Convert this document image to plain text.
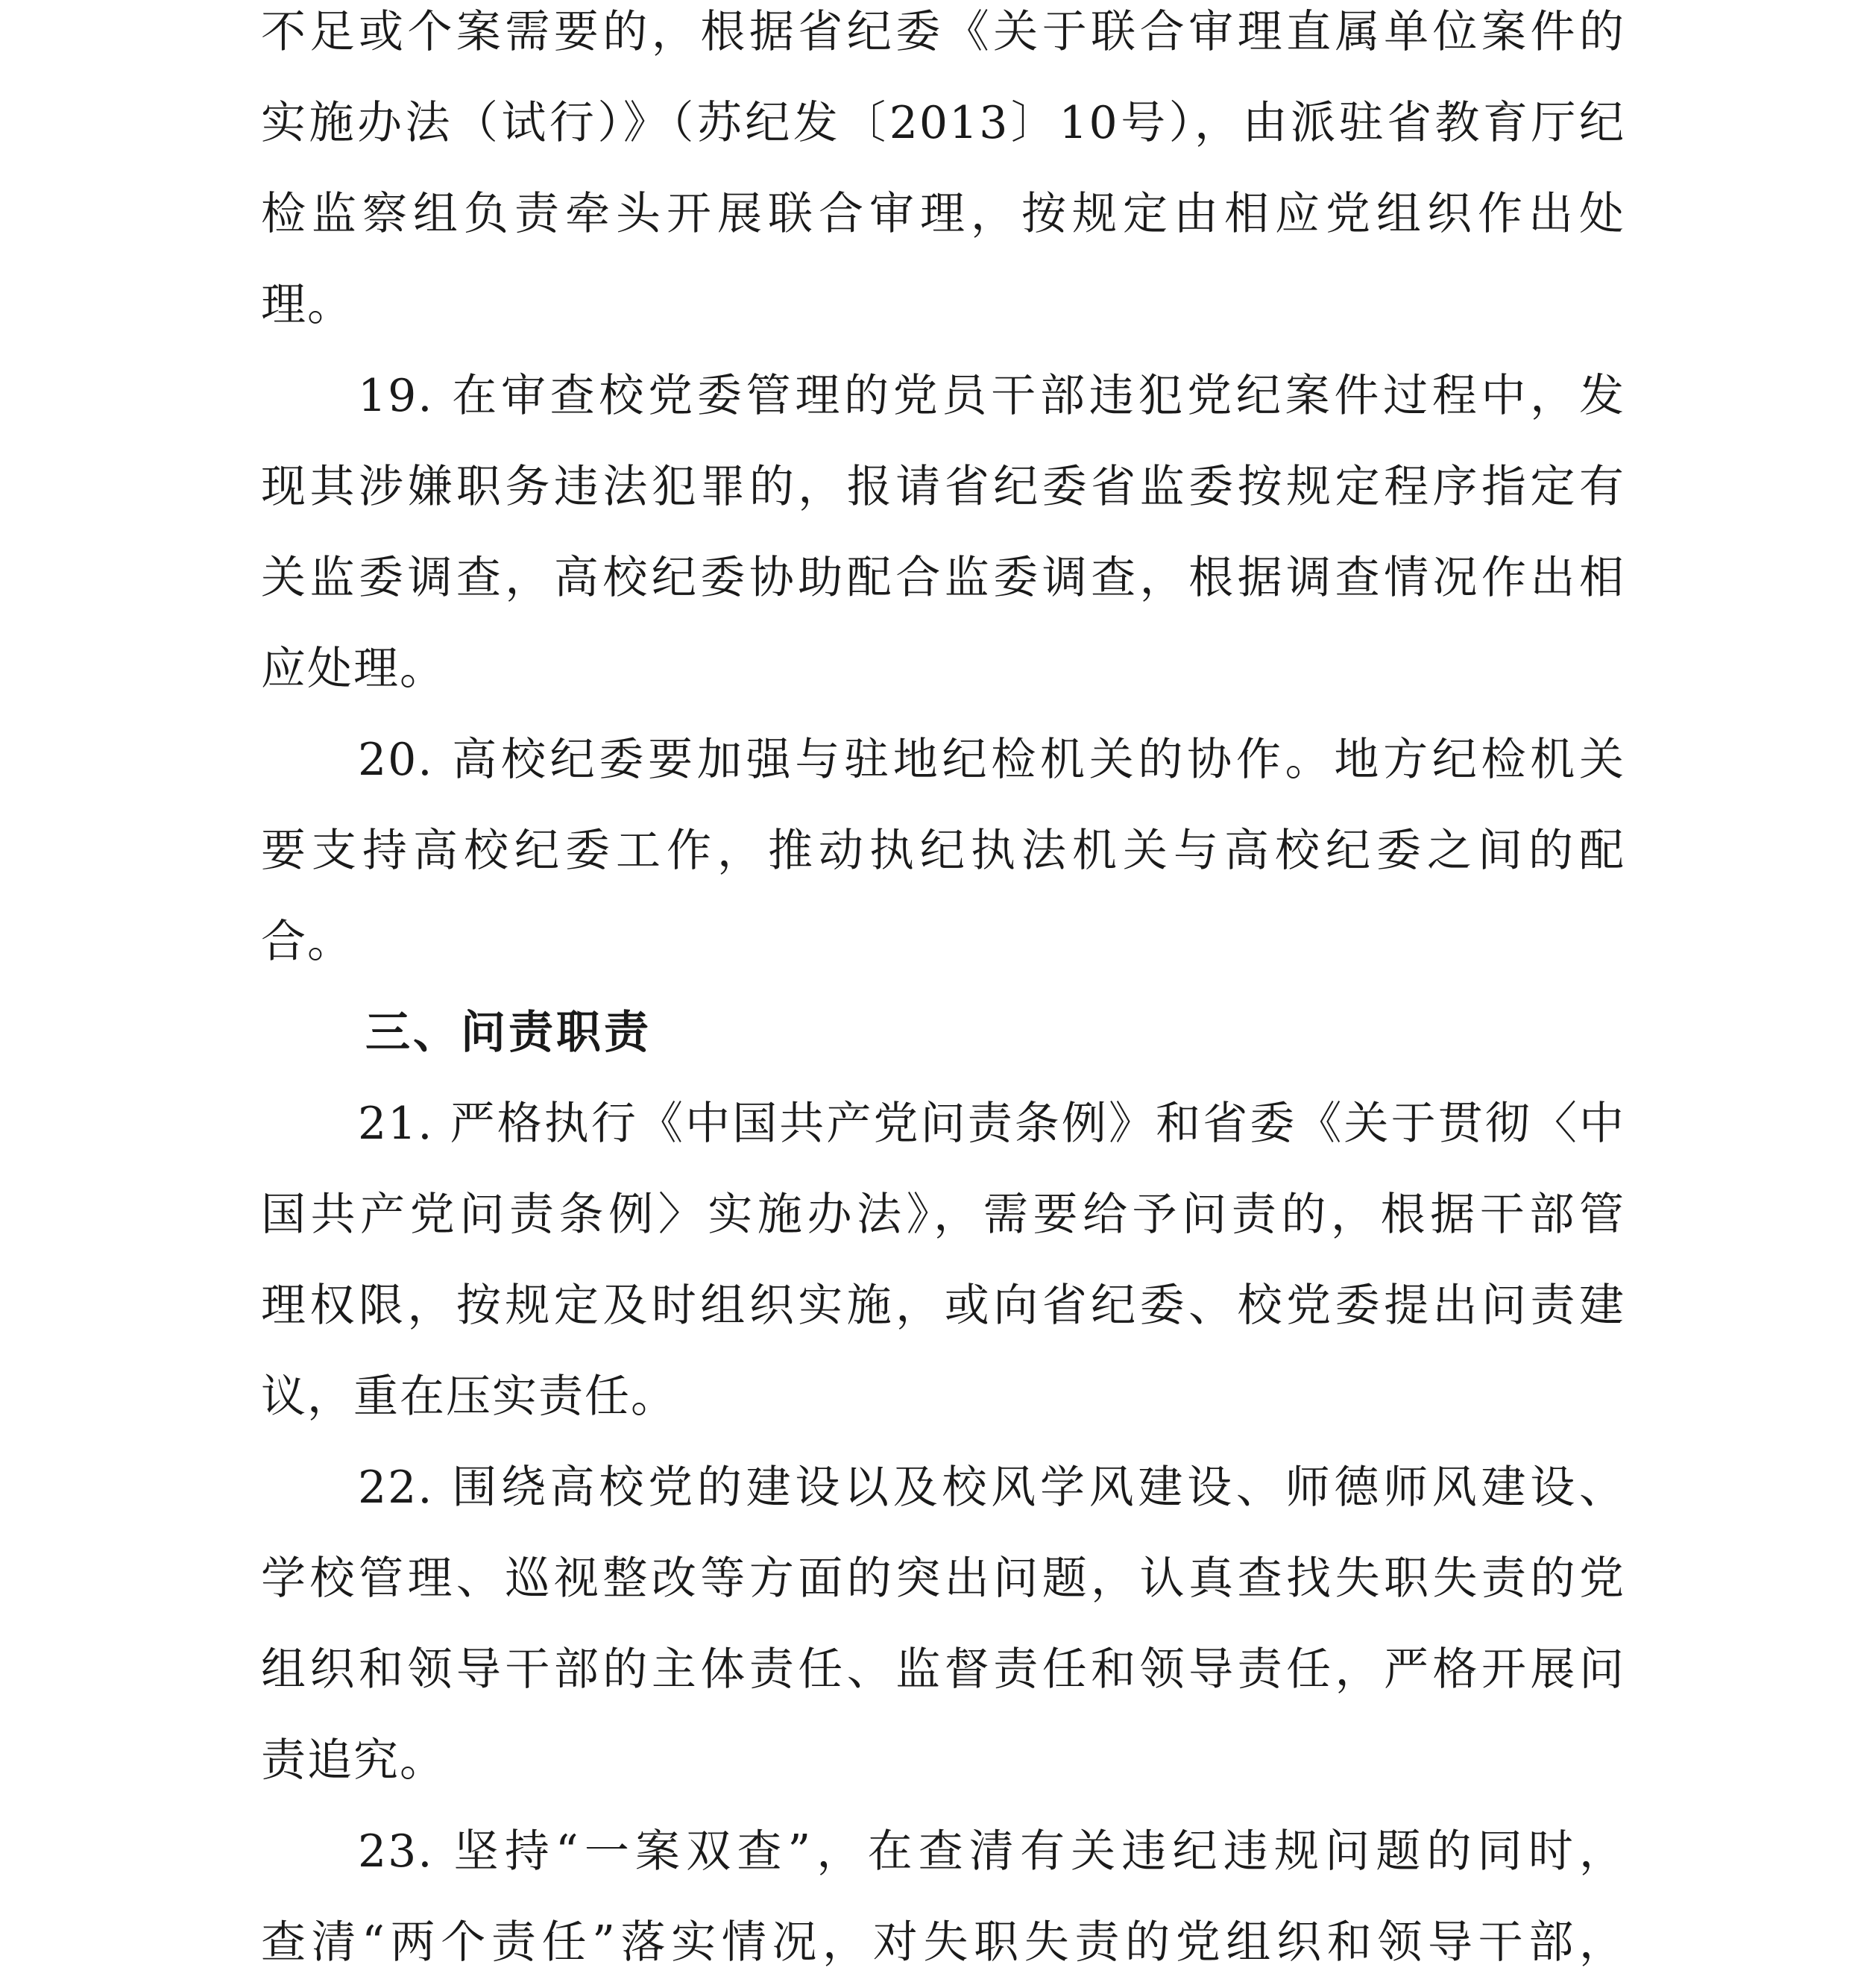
不足或个案需要的，根据省纪委《关于联合审理直属单位案件的
实施办法（试行）》（苏纪发〔2013〕10号），由派驻省教育厅纪
检监察组负责牵头开展联合审理，按规定由相应党组织作出处
理。
19. 在审查校党委管理的党员干部违犯党纪案件过程中，发
现其涉嫌职务违法犯罪的，报请省纪委省监委按规定程序指定有
关监委调查，高校纪委协助配合监委调查，根据调查情况作出相
应处理。
20. 高校纪委要加强与驻地纪检机关的协作。地方纪检机关
要支持高校纪委工作，推动执纪执法机关与高校纪委之间的配
合。
三、问责职责
21. 严格执行《中国共产党问责条例》和省委《关于贯彻〈中
国共产党问责条例〉实施办法》，需要给予问责的，根据干部管
理权限，按规定及时组织实施，或向省纪委、校党委提出问责建
议，重在压实责任。
22. 围绕高校党的建设以及校风学风建设、师德师风建设、
学校管理、巡视整改等方面的突出问题，认真查找失职失责的党
组织和领导干部的主体责任、监督责任和领导责任，严格开展问
责追究。
23. 坚持“一案双查”，在查清有关违纪违规问题的同时，
查清“两个责任”落实情况，对失职失责的党组织和领导干部，
